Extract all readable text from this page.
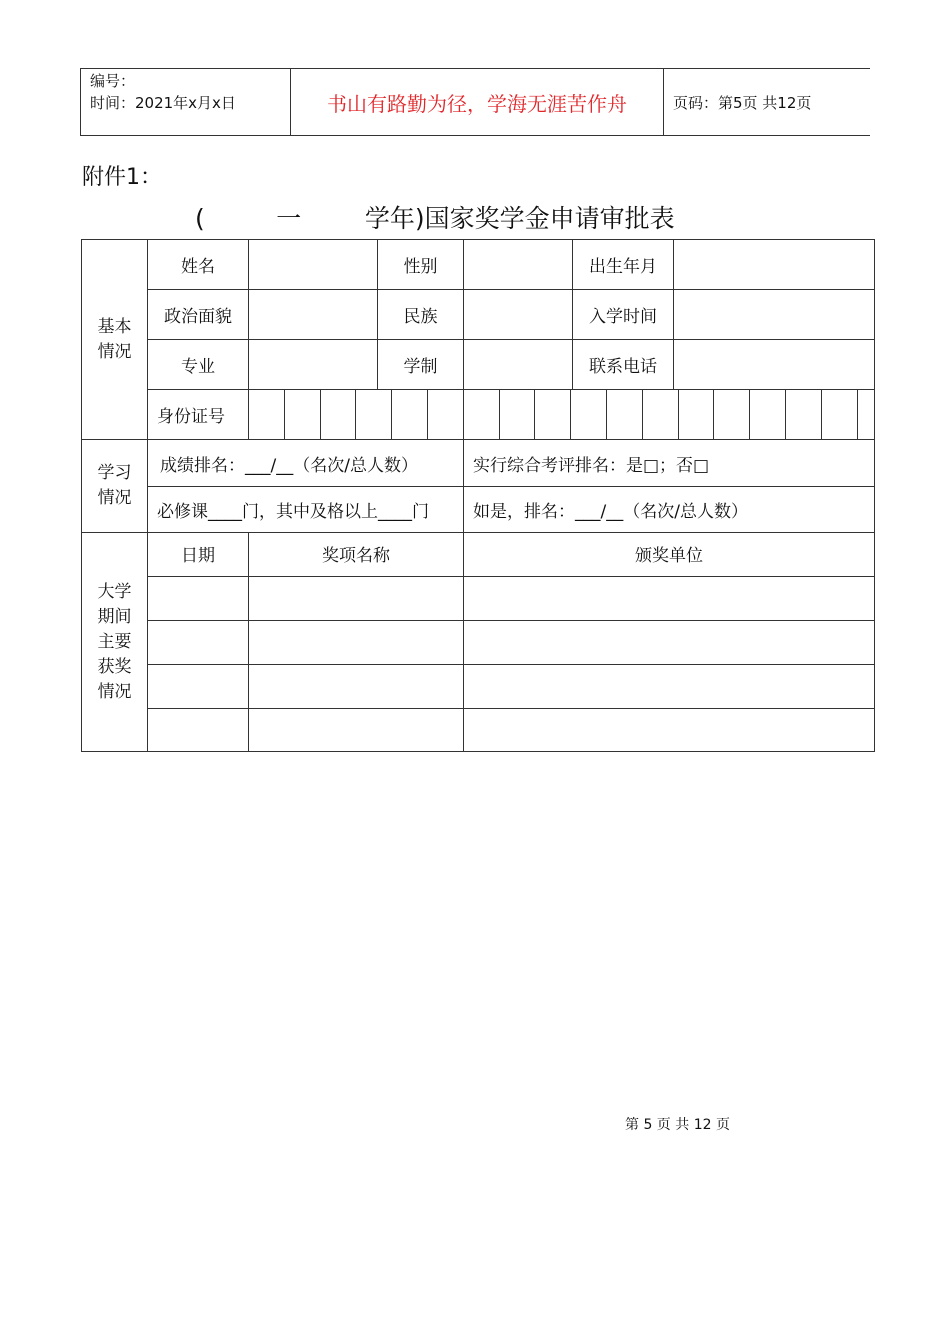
编号：
时间：2021年x月x日	书山有路勤为径，学海无涯苦作舟	页码：第5页 共12页
附件1：
(         一        学年)国家奖学金申请审批表
基本
情况
	姓名		性别		出生年月	
政治面貌		民族		入学时间	
专业		学制		联系电话	
身份证号	

学习
情况
	成绩排名：___/__（名次/总人数）	实行综合考评排名：是□；否□
必修课____门，其中及格以上____门	如是，排名：___/__（名次/总人数）

大学
期间
主要
获奖
情况
	日期	奖项名称	颁奖单位

第 5 页 共 12 页
